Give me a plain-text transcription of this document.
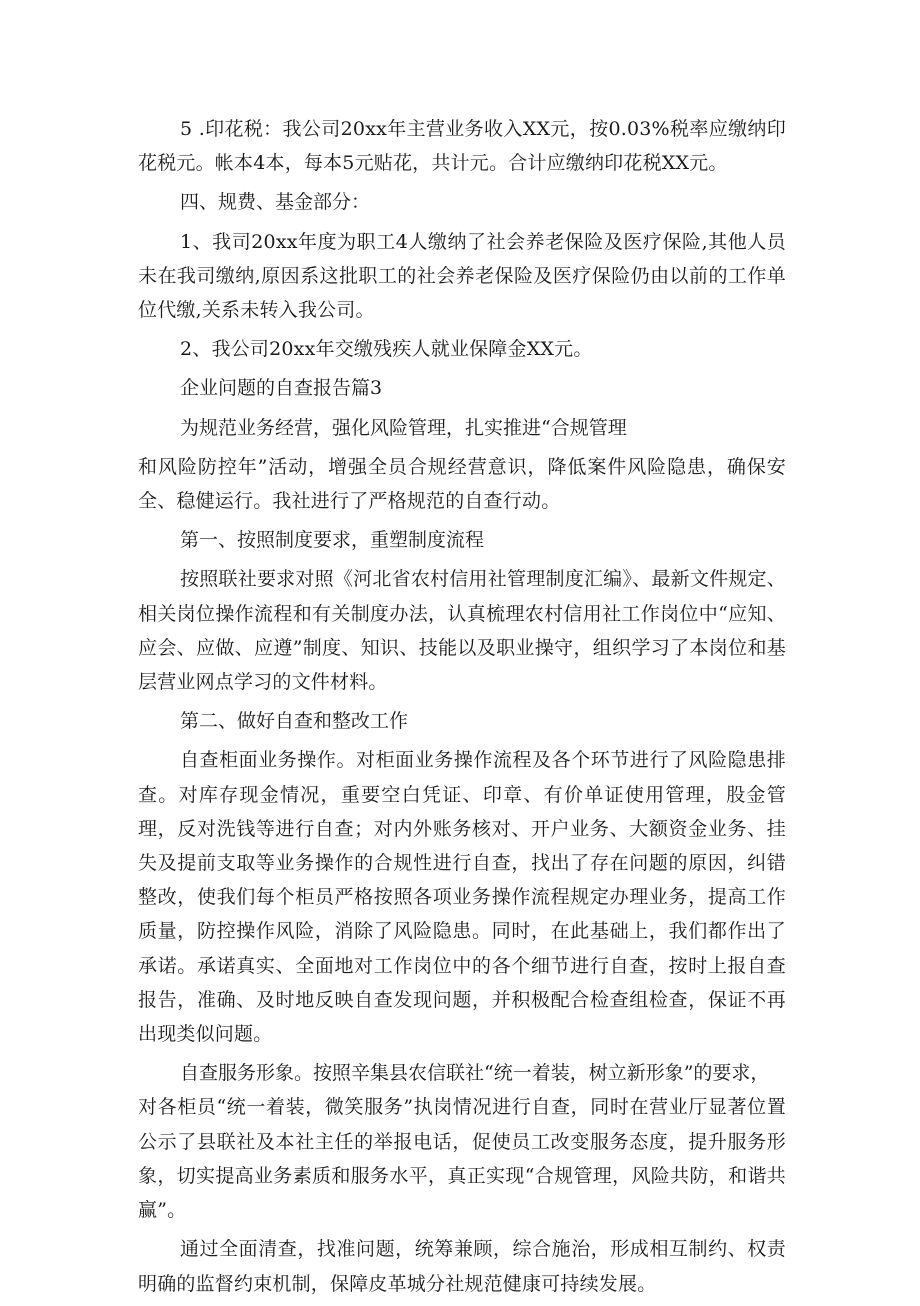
5 .印花税：我公司20xx年主营业务收入XX元，按0.03%税率应缴纳印花税元。帐本4本，每本5元贴花，共计元。合计应缴纳印花税XX元。

四、规费、基金部分：

1、我司20xx年度为职工4人缴纳了社会养老保险及医疗保险,其他人员未在我司缴纳,原因系这批职工的社会养老保险及医疗保险仍由以前的工作单位代缴,关系未转入我公司。

2、我公司20xx年交缴残疾人就业保障金XX元。

企业问题的自查报告篇3

为规范业务经营，强化风险管理，扎实推进“合规管理

和风险防控年”活动，增强全员合规经营意识，降低案件风险隐患，确保安全、稳健运行。我社进行了严格规范的自查行动。

第一、按照制度要求，重塑制度流程

按照联社要求对照《河北省农村信用社管理制度汇编》、最新文件规定、相关岗位操作流程和有关制度办法，认真梳理农村信用社工作岗位中“应知、应会、应做、应遵”制度、知识、技能以及职业操守，组织学习了本岗位和基层营业网点学习的文件材料。

第二、做好自查和整改工作

自查柜面业务操作。对柜面业务操作流程及各个环节进行了风险隐患排查。对库存现金情况，重要空白凭证、印章、有价单证使用管理，股金管理，反对洗钱等进行自查；对内外账务核对、开户业务、大额资金业务、挂失及提前支取等业务操作的合规性进行自查，找出了存在问题的原因，纠错整改，使我们每个柜员严格按照各项业务操作流程规定办理业务，提高工作质量，防控操作风险，消除了风险隐患。同时，在此基础上，我们都作出了承诺。承诺真实、全面地对工作岗位中的各个细节进行自查，按时上报自查报告，准确、及时地反映自查发现问题，并积极配合检查组检查，保证不再出现类似问题。

自查服务形象。按照辛集县农信联社“统一着装，树立新形象”的要求，

对各柜员“统一着装，微笑服务”执岗情况进行自查，同时在营业厅显著位置公示了县联社及本社主任的举报电话，促使员工改变服务态度，提升服务形象，切实提高业务素质和服务水平，真正实现“合规管理，风险共防，和谐共赢”。

通过全面清查，找准问题，统筹兼顾，综合施治，形成相互制约、权责明确的监督约束机制，保障皮革城分社规范健康可持续发展。
